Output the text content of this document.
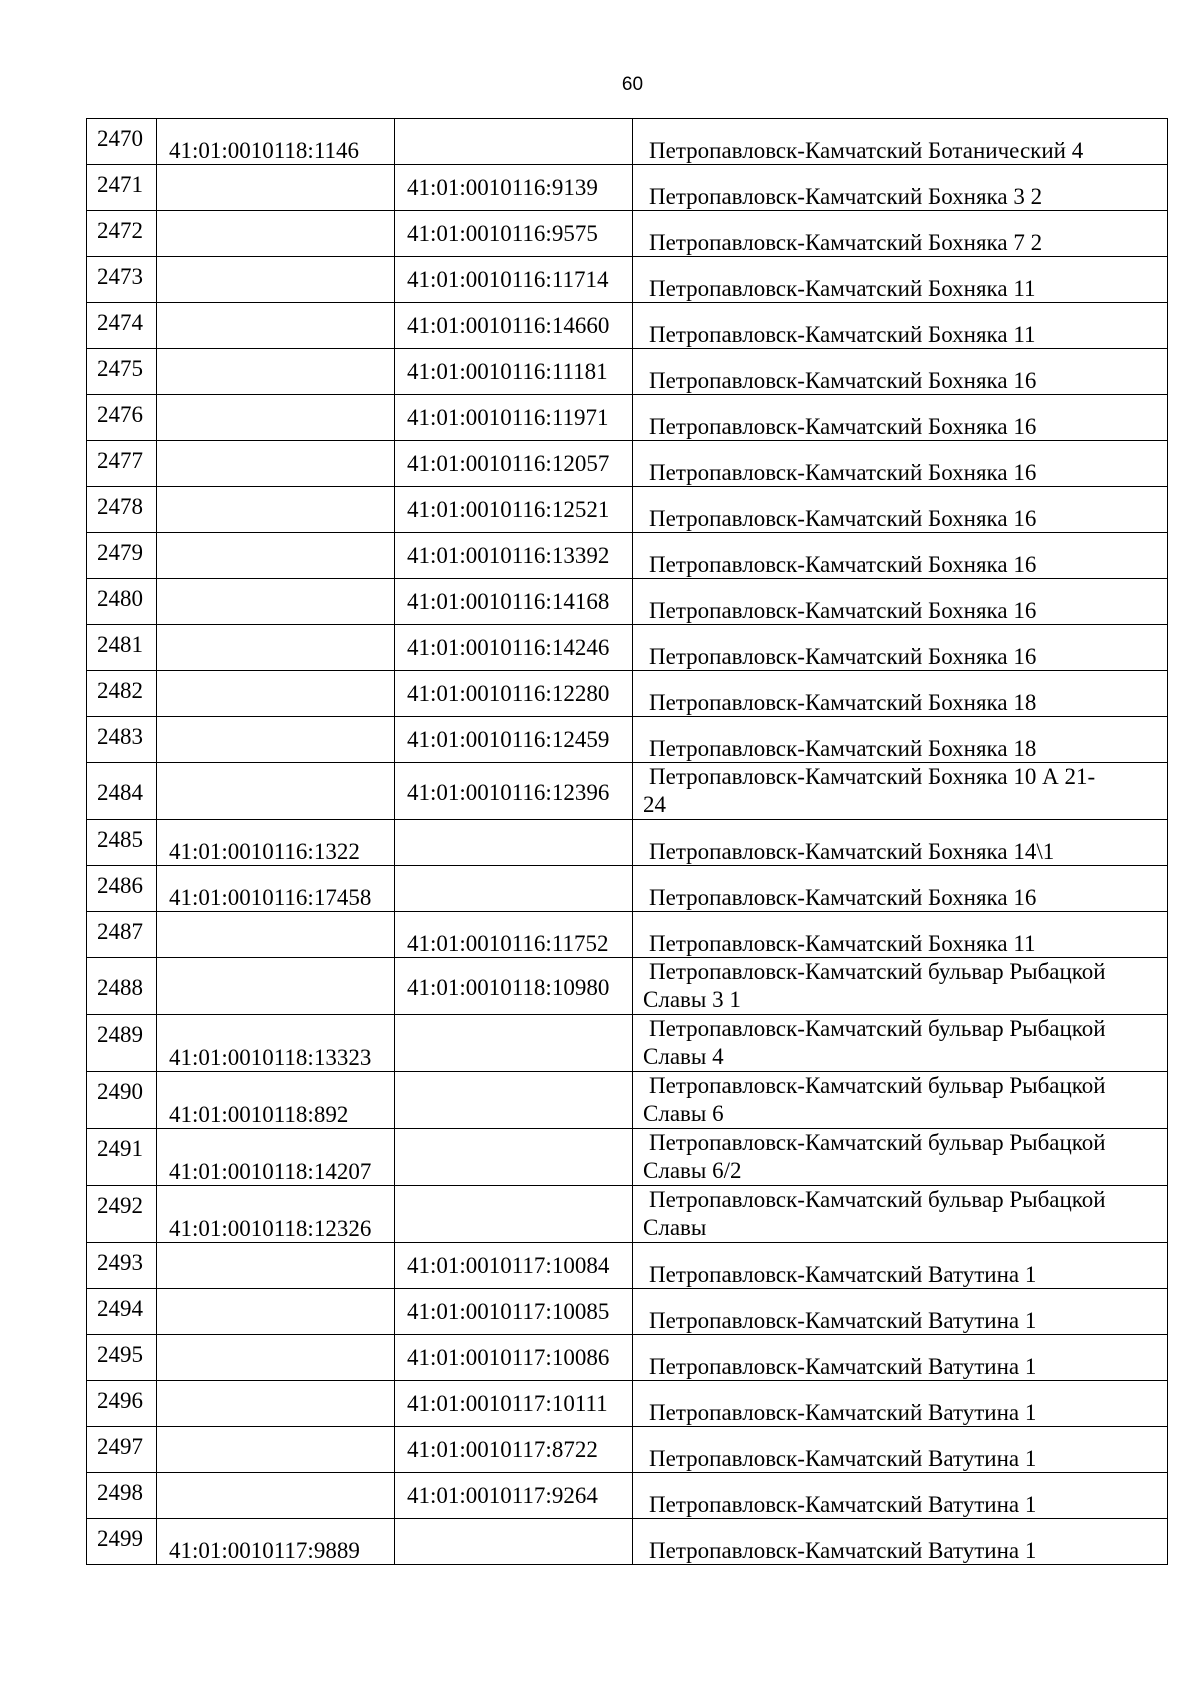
60
2470	41:01:0010118:1146		Петропавловск-Камчатский Ботанический 4

2471		41:01:0010116:9139	Петропавловск-Камчатский Бохняка 3 2

2472		41:01:0010116:9575	Петропавловск-Камчатский Бохняка 7 2

2473		41:01:0010116:11714	Петропавловск-Камчатский Бохняка 11

2474		41:01:0010116:14660	Петропавловск-Камчатский Бохняка 11

2475		41:01:0010116:11181	Петропавловск-Камчатский Бохняка 16

2476		41:01:0010116:11971	Петропавловск-Камчатский Бохняка 16

2477		41:01:0010116:12057	Петропавловск-Камчатский Бохняка 16

2478		41:01:0010116:12521	Петропавловск-Камчатский Бохняка 16

2479		41:01:0010116:13392	Петропавловск-Камчатский Бохняка 16

2480		41:01:0010116:14168	Петропавловск-Камчатский Бохняка 16

2481		41:01:0010116:14246	Петропавловск-Камчатский Бохняка 16

2482		41:01:0010116:12280	Петропавловск-Камчатский Бохняка 18

2483		41:01:0010116:12459	Петропавловск-Камчатский Бохняка 18

2484		41:01:0010116:12396	Петропавловск-Камчатский Бохняка 10 А 21-
24

2485	41:01:0010116:1322		Петропавловск-Камчатский Бохняка 14\1

2486	41:01:0010116:17458		Петропавловск-Камчатский Бохняка 16

2487		41:01:0010116:11752	Петропавловск-Камчатский Бохняка 11

2488		41:01:0010118:10980	Петропавловск-Камчатский бульвар Рыбацкой
Славы 3 1

2489	41:01:0010118:13323		Петропавловск-Камчатский бульвар Рыбацкой
Славы 4

2490	41:01:0010118:892		Петропавловск-Камчатский бульвар Рыбацкой
Славы 6

2491	41:01:0010118:14207		Петропавловск-Камчатский бульвар Рыбацкой
Славы 6/2

2492	41:01:0010118:12326		Петропавловск-Камчатский бульвар Рыбацкой
Славы

2493		41:01:0010117:10084	Петропавловск-Камчатский Ватутина 1

2494		41:01:0010117:10085	Петропавловск-Камчатский Ватутина 1

2495		41:01:0010117:10086	Петропавловск-Камчатский Ватутина 1

2496		41:01:0010117:10111	Петропавловск-Камчатский Ватутина 1

2497		41:01:0010117:8722	Петропавловск-Камчатский Ватутина 1

2498		41:01:0010117:9264	Петропавловск-Камчатский Ватутина 1

2499	41:01:0010117:9889		Петропавловск-Камчатский Ватутина 1
